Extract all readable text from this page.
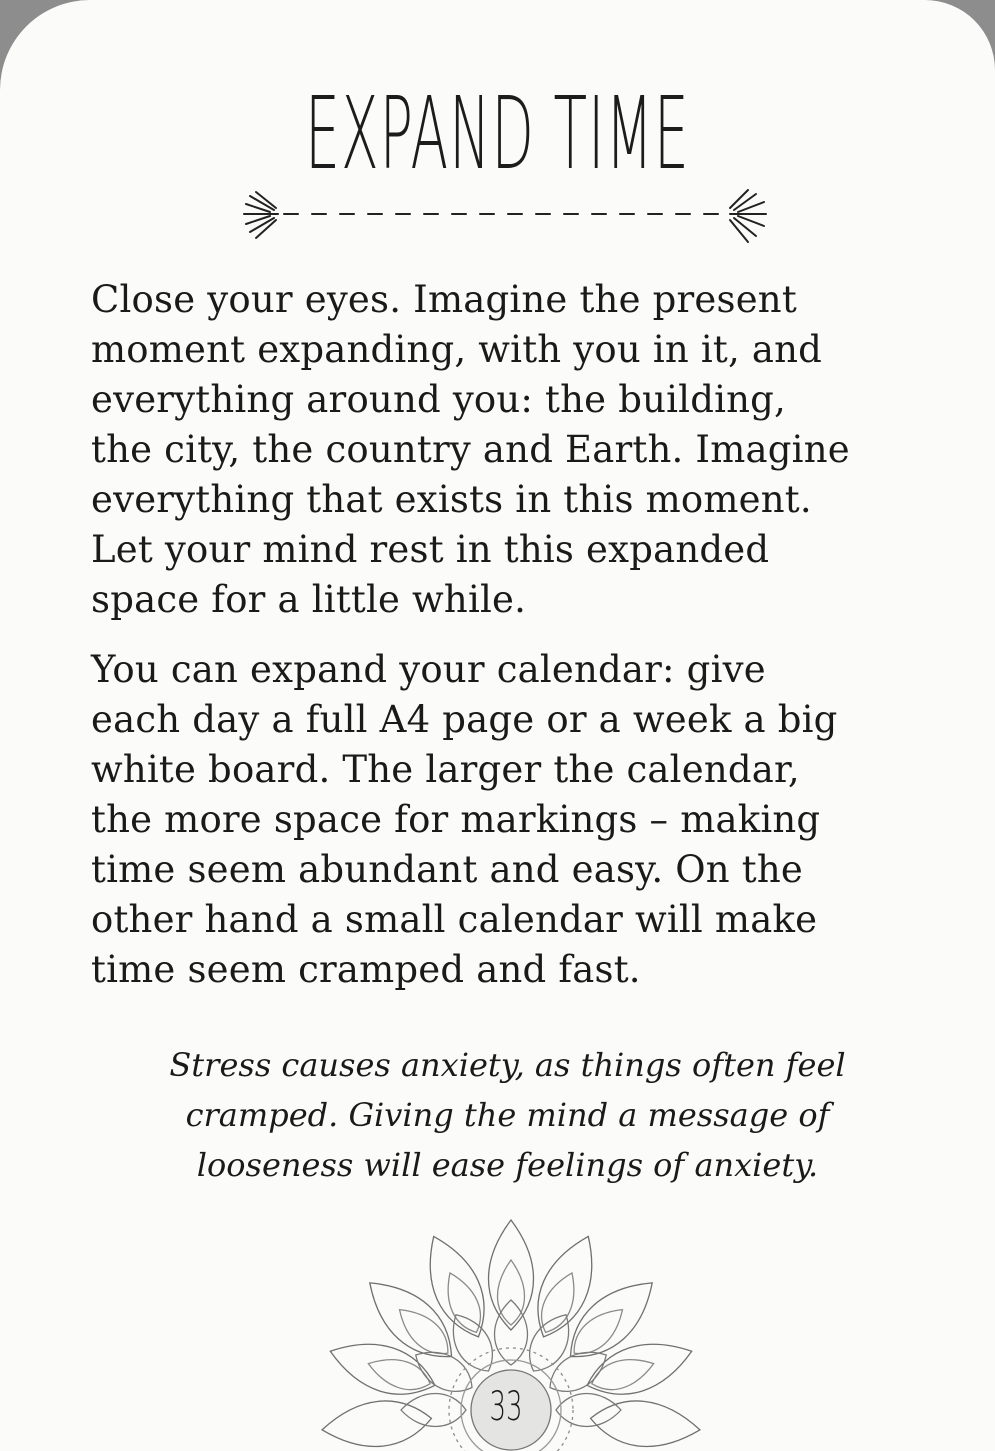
EXPAND TIME

Close your eyes. Imagine the present
moment expanding, with you in it, and
everything around you: the building,
the city, the country and Earth. Imagine
everything that exists in this moment.
Let your mind rest in this expanded
space for a little while.

You can expand your calendar: give
each day a full A4 page or a week a big
white board. The larger the calendar,
the more space for markings – making
time seem abundant and easy. On the
other hand a small calendar will make
time seem cramped and fast.

Stress causes anxiety, as things often feel
cramped. Giving the mind a message of
looseness will ease feelings of anxiety.

33
